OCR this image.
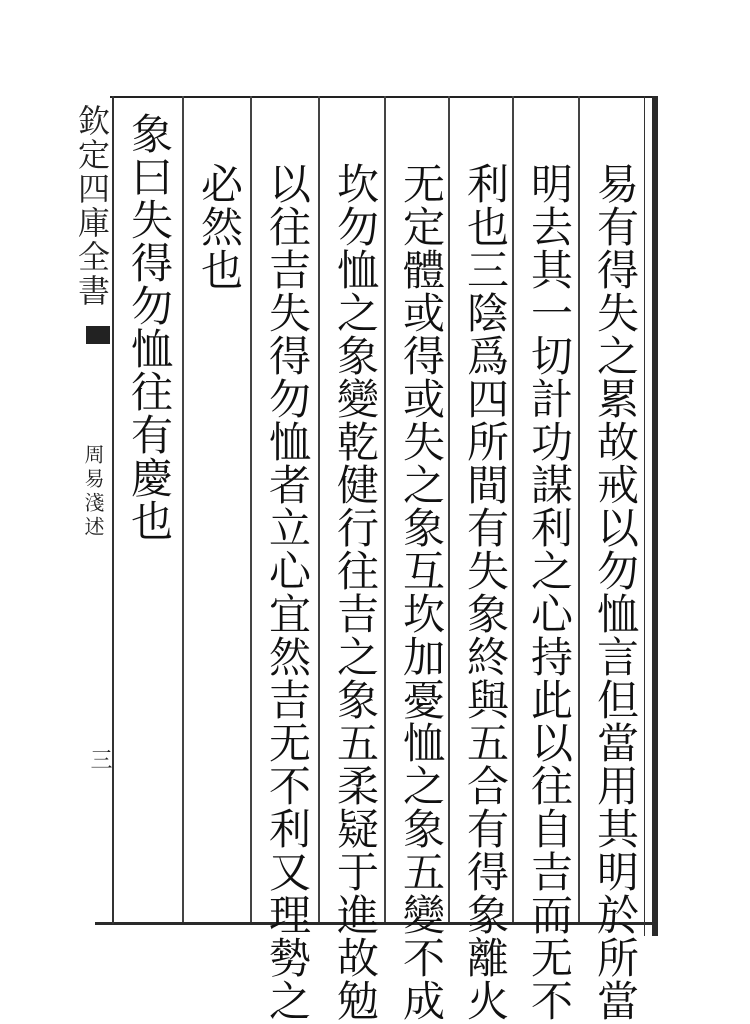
易有得失之累故戒以勿恤言但當用其明於所當
明去其一切計功謀利之心持此以往自吉而无不
利也三陰爲四所間有失象終與五合有得象離火
无定體或得或失之象互坎加憂恤之象五變不成
坎勿恤之象變乾健行往吉之象五柔疑于進故勉
以往吉失得勿恤者立心宜然吉无不利又理勢之
必然也
象曰失得勿恤往有慶也
欽定四庫全書
周易淺述
三
